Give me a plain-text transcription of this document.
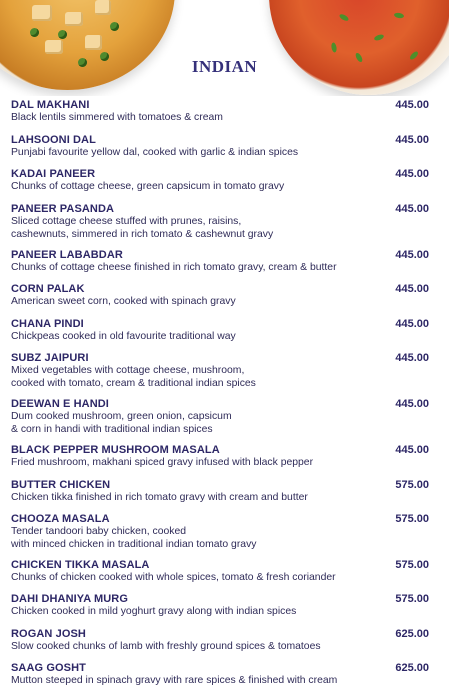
INDIAN
DAL MAKHANI
Black lentils simmered with tomatoes & cream
445.00
LAHSOONI DAL
Punjabi favourite yellow dal, cooked with garlic & indian spices
445.00
KADAI PANEER
Chunks of cottage cheese, green capsicum in tomato gravy
445.00
PANEER PASANDA
Sliced cottage cheese stuffed with prunes, raisins,
cashewnuts, simmered in rich tomato & cashewnut gravy
445.00
PANEER LABABDAR
Chunks of cottage cheese finished in rich tomato gravy, cream & butter
445.00
CORN PALAK
American sweet corn, cooked with spinach gravy
445.00
CHANA PINDI
Chickpeas cooked in old favourite traditional way
445.00
SUBZ JAIPURI
Mixed vegetables with cottage cheese, mushroom,
cooked with tomato, cream & traditional indian spices
445.00
DEEWAN E HANDI
Dum cooked mushroom, green onion, capsicum
& corn in handi with traditional indian spices
445.00
BLACK PEPPER MUSHROOM MASALA
Fried mushroom, makhani spiced gravy infused with black pepper
445.00
BUTTER CHICKEN
Chicken tikka finished in rich tomato gravy with cream and butter
575.00
CHOOZA MASALA
Tender tandoori baby chicken, cooked
with minced chicken in traditional indian tomato gravy
575.00
CHICKEN TIKKA MASALA
Chunks of chicken cooked with whole spices, tomato & fresh coriander
575.00
DAHI DHANIYA MURG
Chicken cooked in mild yoghurt gravy along with indian spices
575.00
ROGAN JOSH
Slow cooked chunks of lamb with freshly ground spices & tomatoes
625.00
SAAG GOSHT
Mutton steeped in spinach gravy with rare spices & finished with cream
625.00
